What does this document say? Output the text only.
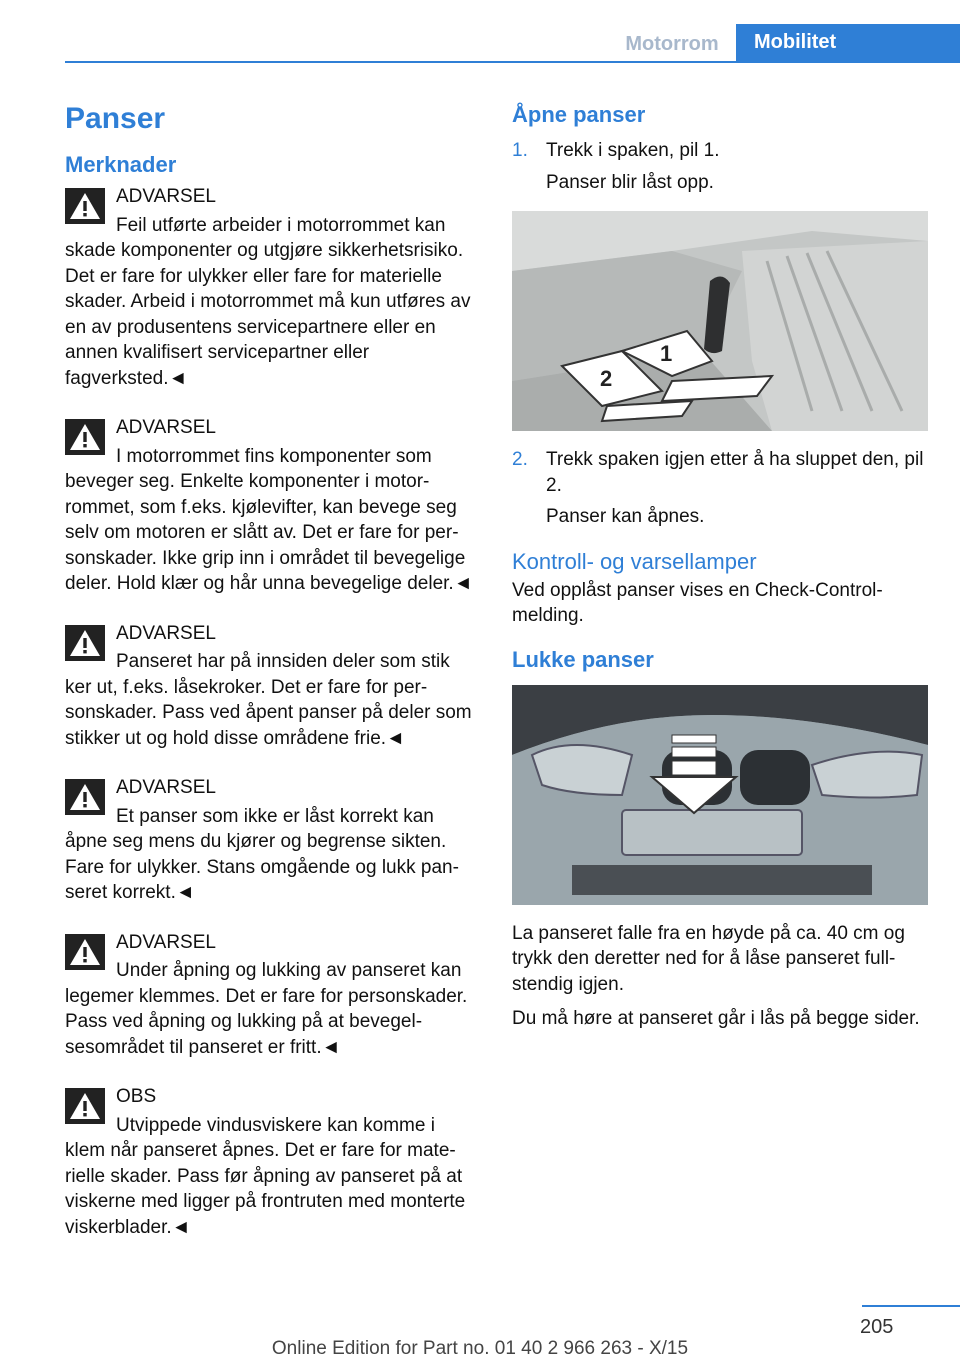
Motorrom	Mobilitet
Panser
Merknader
ADVARSEL
Feil utførte arbeider i motorrommet kan skade komponenter og utgjøre sikkerhetsrisiko. Det er fare for ulykker eller fare for materielle skader. Arbeid i motorrommet må kun utføres av en av produsentens servicepartnere eller en annen kvalifisert servicepartner eller fagverksted.◄
ADVARSEL
I motorrommet fins komponenter som beveger seg. Enkelte komponenter i motorrommet, som f.eks. kjølevifter, kan bevege seg selv om motoren er slått av. Det er fare for personskader. Ikke grip inn i området til bevegelige deler. Hold klær og hår unna bevegelige deler.◄
ADVARSEL
Panseret har på innsiden deler som stik ker ut, f.eks. låsekroker. Det er fare for personskader. Pass ved åpent panser på deler som stikker ut og hold disse områdene frie.◄
ADVARSEL
Et panser som ikke er låst korrekt kan åpne seg mens du kjører og begrense sikten. Fare for ulykker. Stans omgående og lukk panseret korrekt.◄
ADVARSEL
Under åpning og lukking av panseret kan legemer klemmes. Det er fare for personskader. Pass ved åpning og lukking på at bevegelsesområdet til panseret er fritt.◄
OBS
Utvippede vindusviskere kan komme i klem når panseret åpnes. Det er fare for materielle skader. Pass før åpning av panseret på at viskerne med ligger på frontruten med monterte viskerblader.◄
Åpne panser
1. Trekk i spaken, pil 1.
Panser blir låst opp.
1
2
2. Trekk spaken igjen etter å ha sluppet den, pil 2.
Panser kan åpnes.
Kontroll- og varsellamper

Ved opplåst panser vises en Check-Control-melding.

Lukke panser

La panseret falle fra en høyde på ca. 40 cm og trykk den deretter ned for å låse panseret fullstendig igjen.

Du må høre at panseret går i lås på begge sider.

205
Online Edition for Part no. 01 40 2 966 263 - X/15
